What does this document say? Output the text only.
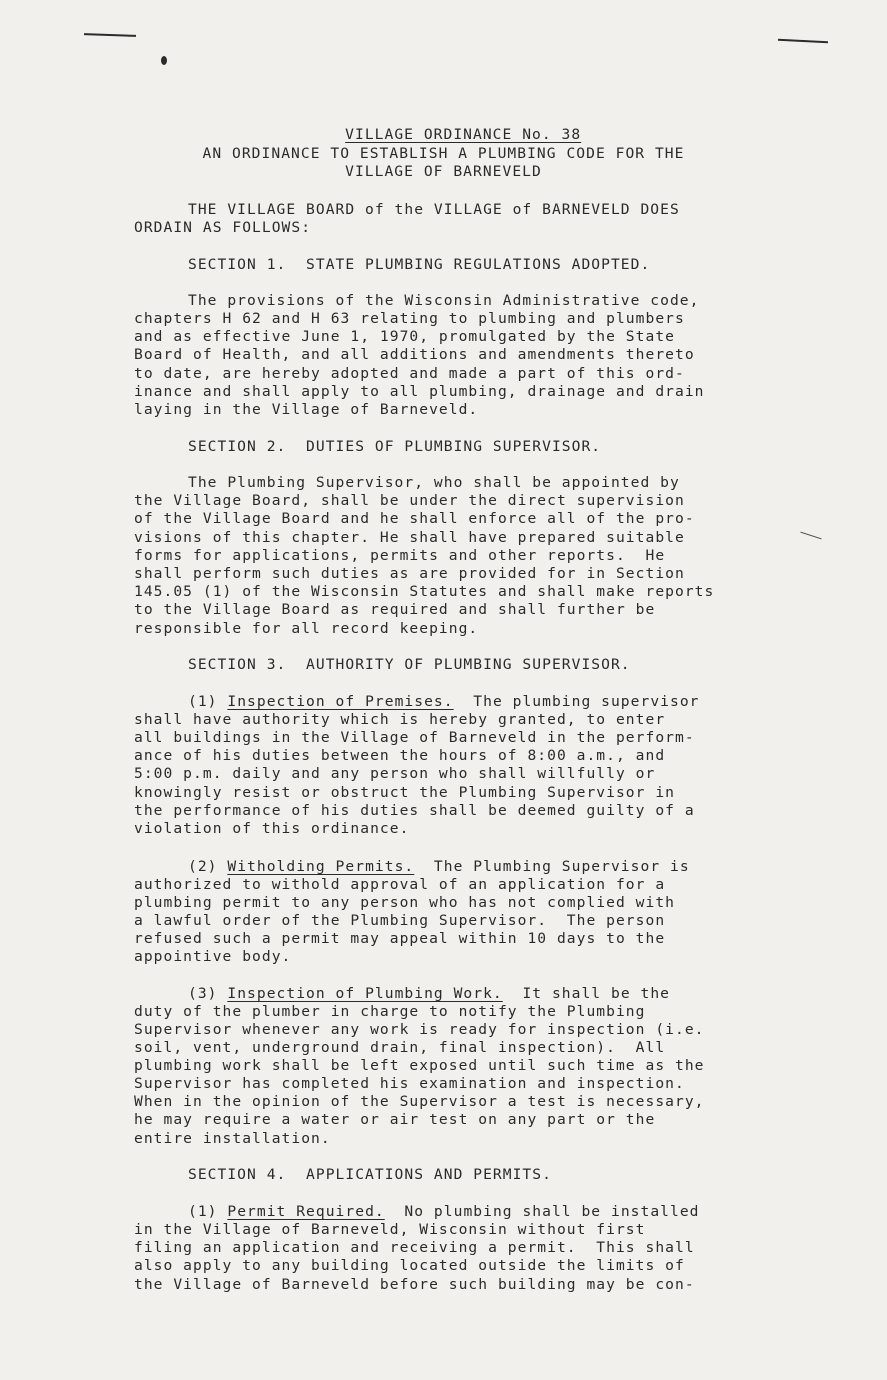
VILLAGE ORDINANCE No. 38

AN ORDINANCE TO ESTABLISH A PLUMBING CODE FOR THE
VILLAGE OF BARNEVELD
THE VILLAGE BOARD of the VILLAGE of BARNEVELD DOES
ORDAIN AS FOLLOWS:
SECTION 1.  STATE PLUMBING REGULATIONS ADOPTED.
The provisions of the Wisconsin Administrative code,
chapters H 62 and H 63 relating to plumbing and plumbers
and as effective June 1, 1970, promulgated by the State
Board of Health, and all additions and amendments thereto
to date, are hereby adopted and made a part of this ord-
inance and shall apply to all plumbing, drainage and drain
laying in the Village of Barneveld.
SECTION 2.  DUTIES OF PLUMBING SUPERVISOR.
The Plumbing Supervisor, who shall be appointed by
the Village Board, shall be under the direct supervision
of the Village Board and he shall enforce all of the pro-
visions of this chapter. He shall have prepared suitable
forms for applications, permits and other reports.  He
shall perform such duties as are provided for in Section
145.05 (1) of the Wisconsin Statutes and shall make reports
to the Village Board as required and shall further be
responsible for all record keeping.
SECTION 3.  AUTHORITY OF PLUMBING SUPERVISOR.
(1) Inspection of Premises.  The plumbing supervisor
shall have authority which is hereby granted, to enter
all buildings in the Village of Barneveld in the perform-
ance of his duties between the hours of 8:00 a.m., and
5:00 p.m. daily and any person who shall willfully or
knowingly resist or obstruct the Plumbing Supervisor in
the performance of his duties shall be deemed guilty of a
violation of this ordinance.
(2) Witholding Permits.  The Plumbing Supervisor is
authorized to withold approval of an application for a
plumbing permit to any person who has not complied with
a lawful order of the Plumbing Supervisor.  The person
refused such a permit may appeal within 10 days to the
appointive body.
(3) Inspection of Plumbing Work.  It shall be the
duty of the plumber in charge to notify the Plumbing
Supervisor whenever any work is ready for inspection (i.e.
soil, vent, underground drain, final inspection).  All
plumbing work shall be left exposed until such time as the
Supervisor has completed his examination and inspection.
When in the opinion of the Supervisor a test is necessary,
he may require a water or air test on any part or the
entire installation.
SECTION 4.  APPLICATIONS AND PERMITS.
(1) Permit Required.  No plumbing shall be installed
in the Village of Barneveld, Wisconsin without first
filing an application and receiving a permit.  This shall
also apply to any building located outside the limits of
the Village of Barneveld before such building may be con-
